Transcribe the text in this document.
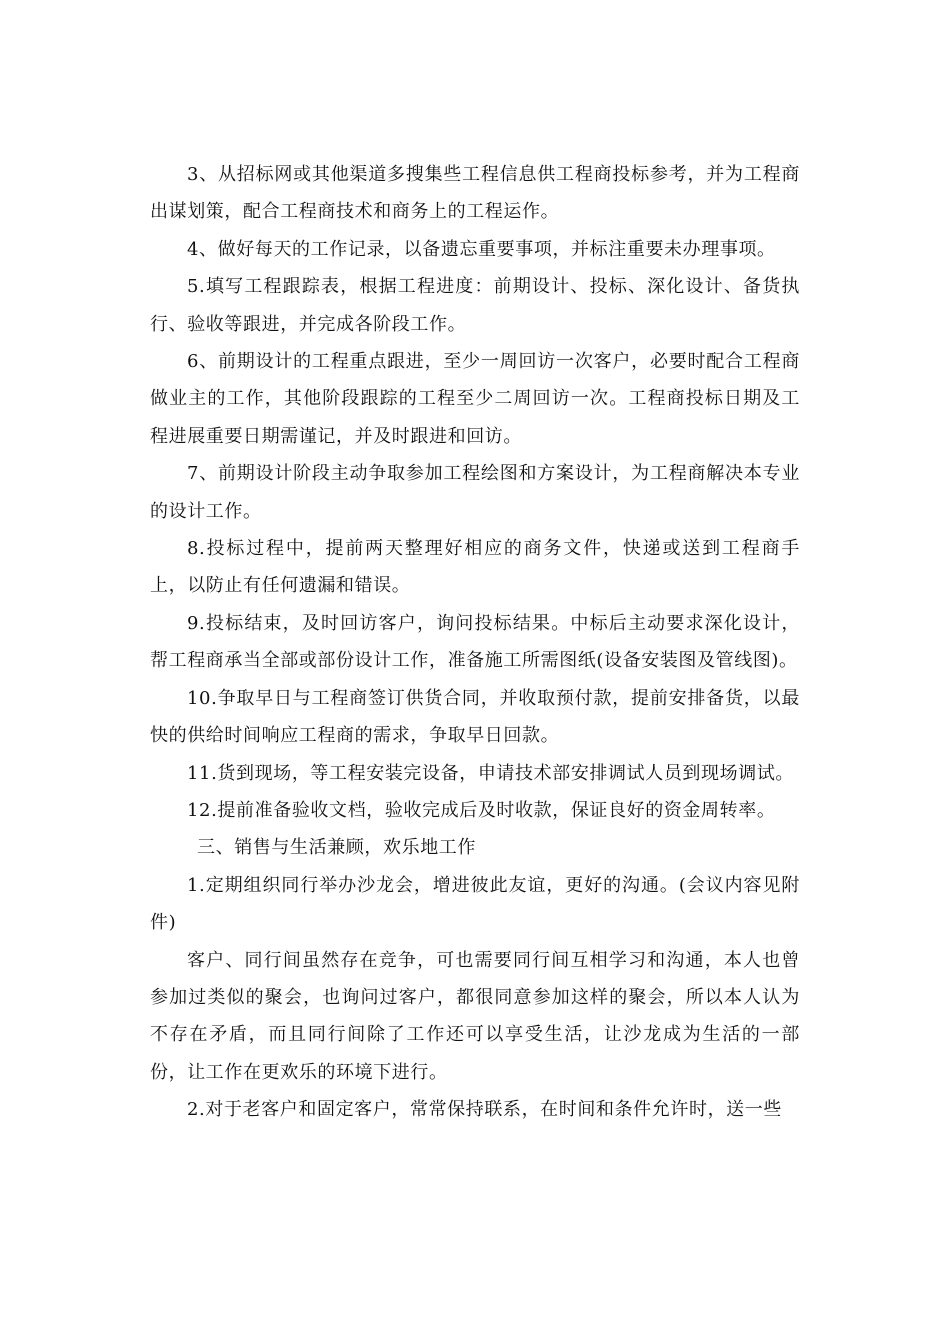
3、从招标网或其他渠道多搜集些工程信息供工程商投标参考，并为工程商出谋划策，配合工程商技术和商务上的工程运作。

4、做好每天的工作记录，以备遗忘重要事项，并标注重要未办理事项。

5.填写工程跟踪表，根据工程进度：前期设计、投标、深化设计、备货执行、验收等跟进，并完成各阶段工作。

6、前期设计的工程重点跟进，至少一周回访一次客户，必要时配合工程商做业主的工作，其他阶段跟踪的工程至少二周回访一次。工程商投标日期及工程进展重要日期需谨记，并及时跟进和回访。

7、前期设计阶段主动争取参加工程绘图和方案设计，为工程商解决本专业的设计工作。

8.投标过程中，提前两天整理好相应的商务文件，快递或送到工程商手上，以防止有任何遗漏和错误。

9.投标结束，及时回访客户，询问投标结果。中标后主动要求深化设计，帮工程商承当全部或部份设计工作，准备施工所需图纸(设备安装图及管线图)。

10.争取早日与工程商签订供货合同，并收取预付款，提前安排备货，以最快的供给时间响应工程商的需求，争取早日回款。

11.货到现场，等工程安装完设备，申请技术部安排调试人员到现场调试。

12.提前准备验收文档，验收完成后及时收款，保证良好的资金周转率。

三、销售与生活兼顾，欢乐地工作

1.定期组织同行举办沙龙会，增进彼此友谊，更好的沟通。(会议内容见附件)

客户、同行间虽然存在竞争，可也需要同行间互相学习和沟通，本人也曾参加过类似的聚会，也询问过客户，都很同意参加这样的聚会，所以本人认为不存在矛盾，而且同行间除了工作还可以享受生活，让沙龙成为生活的一部份，让工作在更欢乐的环境下进行。

2.对于老客户和固定客户，常常保持联系，在时间和条件允许时，送一些
